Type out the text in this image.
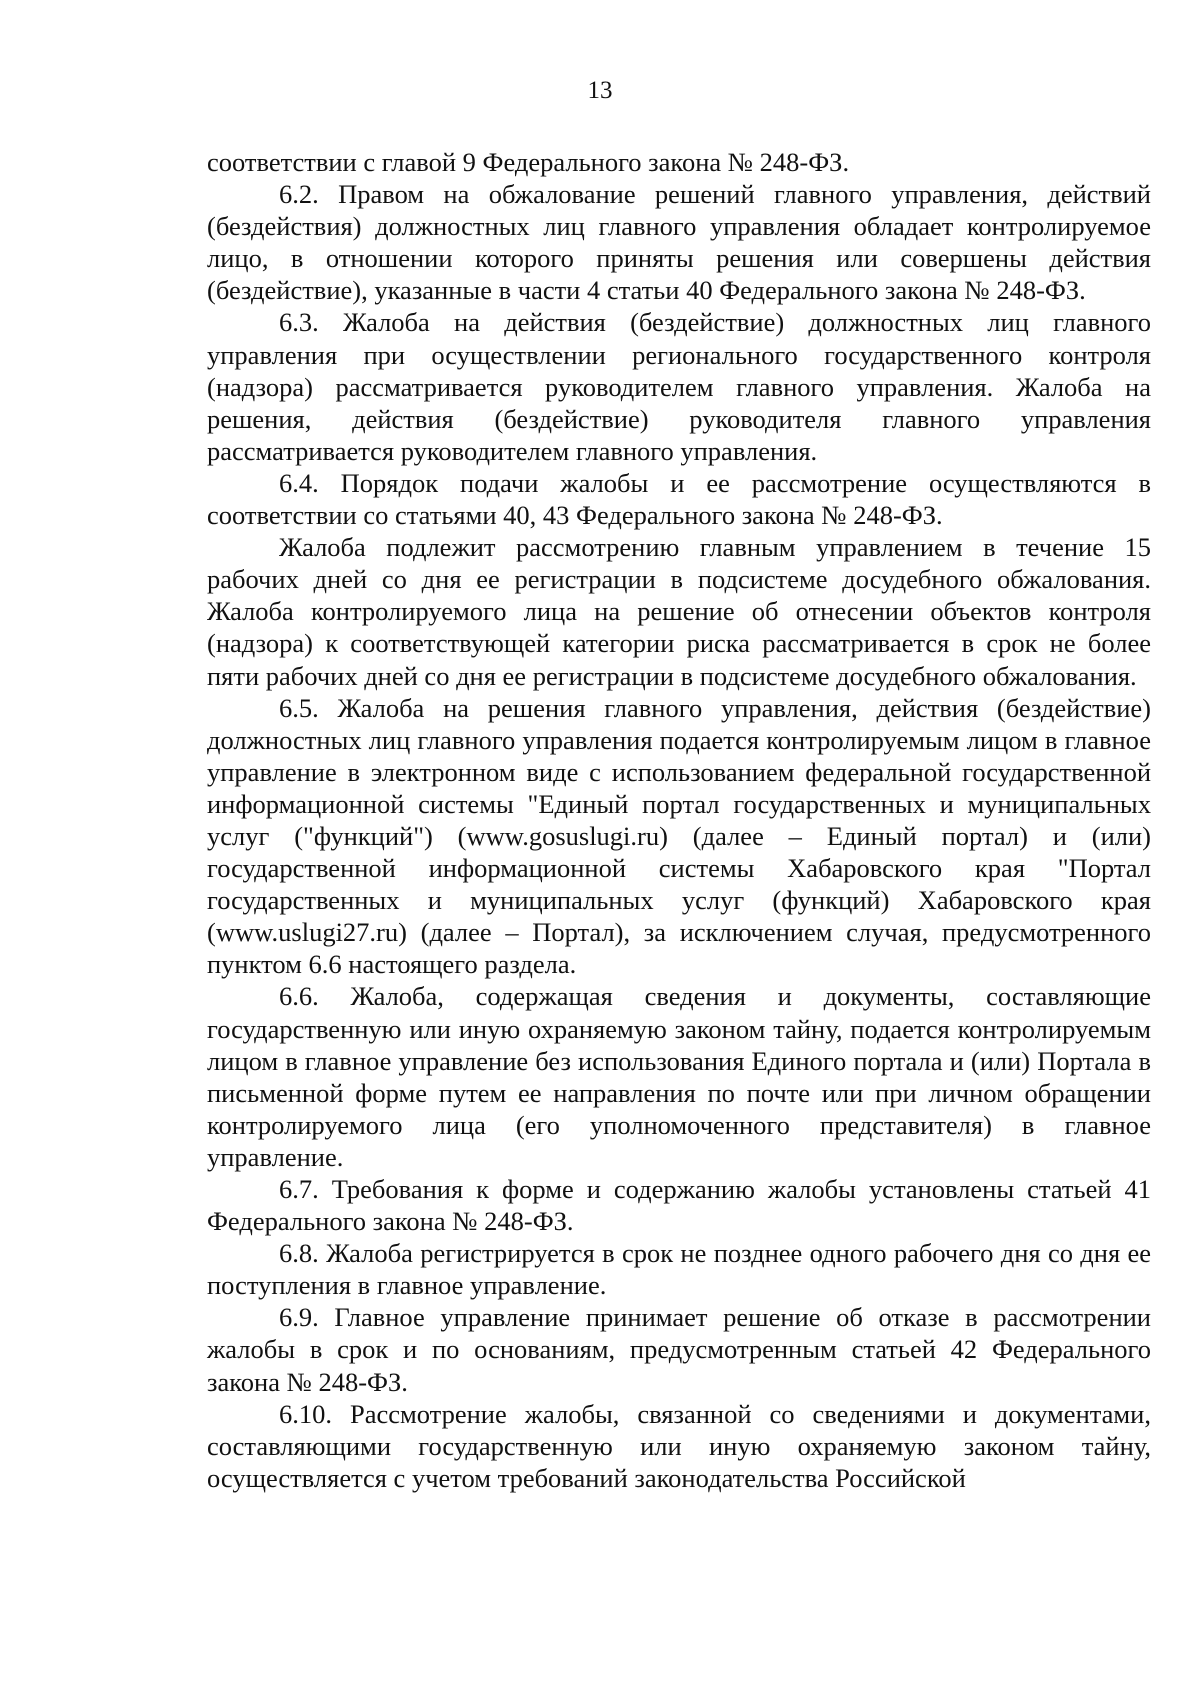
13

соответствии с главой 9 Федерального закона № 248-ФЗ.

6.2. Правом на обжалование решений главного управления, действий (бездействия) должностных лиц главного управления обладает контролируемое лицо, в отношении которого приняты решения или совершены действия (бездействие), указанные в части 4 статьи 40 Федерального закона № 248-ФЗ.

6.3. Жалоба на действия (бездействие) должностных лиц главного управления при осуществлении регионального государственного контроля (надзора) рассматривается руководителем главного управления. Жалоба на решения, действия (бездействие) руководителя главного управления рассматривается руководителем главного управления.

6.4. Порядок подачи жалобы и ее рассмотрение осуществляются в соответствии со статьями 40, 43 Федерального закона № 248-ФЗ.

Жалоба подлежит рассмотрению главным управлением в течение 15 рабочих дней со дня ее регистрации в подсистеме досудебного обжалования. Жалоба контролируемого лица на решение об отнесении объектов контроля (надзора) к соответствующей категории риска рассматривается в срок не более пяти рабочих дней со дня ее регистрации в подсистеме досудебного обжалования.

6.5. Жалоба на решения главного управления, действия (бездействие) должностных лиц главного управления подается контролируемым лицом в главное управление в электронном виде с использованием федеральной государственной информационной системы "Единый портал государственных и муниципальных услуг ("функций") (www.gosuslugi.ru) (далее – Единый портал) и (или) государственной информационной системы Хабаровского края "Портал государственных и муниципальных услуг (функций) Хабаровского края (www.uslugi27.ru) (далее – Портал), за исключением случая, предусмотренного пунктом 6.6 настоящего раздела.

6.6. Жалоба, содержащая сведения и документы, составляющие государственную или иную охраняемую законом тайну, подается контролируемым лицом в главное управление без использования Единого портала и (или) Портала в письменной форме путем ее направления по почте или при личном обращении контролируемого лица (его уполномоченного представителя) в главное управление.

6.7. Требования к форме и содержанию жалобы установлены статьей 41 Федерального закона № 248-ФЗ.

6.8. Жалоба регистрируется в срок не позднее одного рабочего дня со дня ее поступления в главное управление.

6.9. Главное управление принимает решение об отказе в рассмотрении жалобы в срок и по основаниям, предусмотренным статьей 42 Федерального закона № 248-ФЗ.

6.10. Рассмотрение жалобы, связанной со сведениями и документами, составляющими государственную или иную охраняемую законом тайну, осуществляется с учетом требований законодательства Российской
